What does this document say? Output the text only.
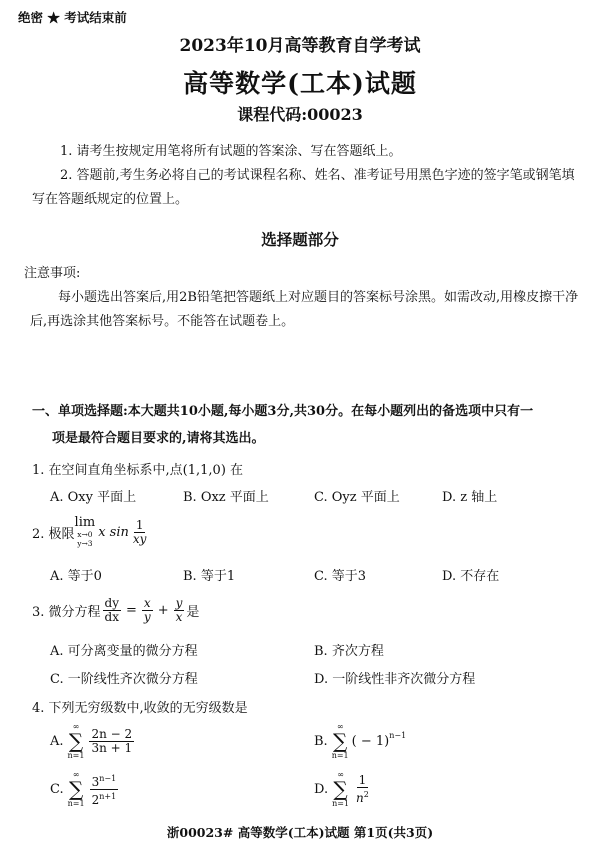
绝密 ★ 考试结束前
2023年10月高等教育自学考试
高等数学(工本)试题
课程代码:00023
1. 请考生按规定用笔将所有试题的答案涂、写在答题纸上。
2. 答题前,考生务必将自己的考试课程名称、姓名、准考证号用黑色字迹的签字笔或钢笔填写在答题纸规定的位置上。
选择题部分
注意事项:
每小题选出答案后,用2B铅笔把答题纸上对应题目的答案标号涂黑。如需改动,用橡皮擦干净后,再选涂其他答案标号。不能答在试题卷上。
一、单项选择题:本大题共10小题,每小题3分,共30分。在每小题列出的备选项中只有一
项是最符合题目要求的,请将其选出。
1. 在空间直角坐标系中,点(1,1,0) 在
A. Oxy 平面上	B. Oxz 平面上	C. Oyz 平面上	D. z 轴上
2. 极限
lim
x→0
y→3
x $\sin \frac{1}{xy}$
A. 等于0	B. 等于1	C. 等于3	D. 不存在
3. 微分方程 $\frac{dy}{dx} = \frac{x}{y} + \frac{y}{x}$ 是
A. 可分离变量的微分方程	B. 齐次方程
C. 一阶线性齐次微分方程	D. 一阶线性非齐次微分方程
4. 下列无穷级数中,收敛的无穷级数是
A.
∞
∑
n=1
$\frac{2n - 2}{3n + 1}$	B.
∞
∑
n=1
( − 1)$^{n-1}$
C.
∞
∑
$n=1 \frac{3^{n-1}}{2^{n+1}}$	D.
∞
∑
$n=1 \frac{1}{n^2}$
浙00023# 高等数学(工本)试题 第1页(共3页)
